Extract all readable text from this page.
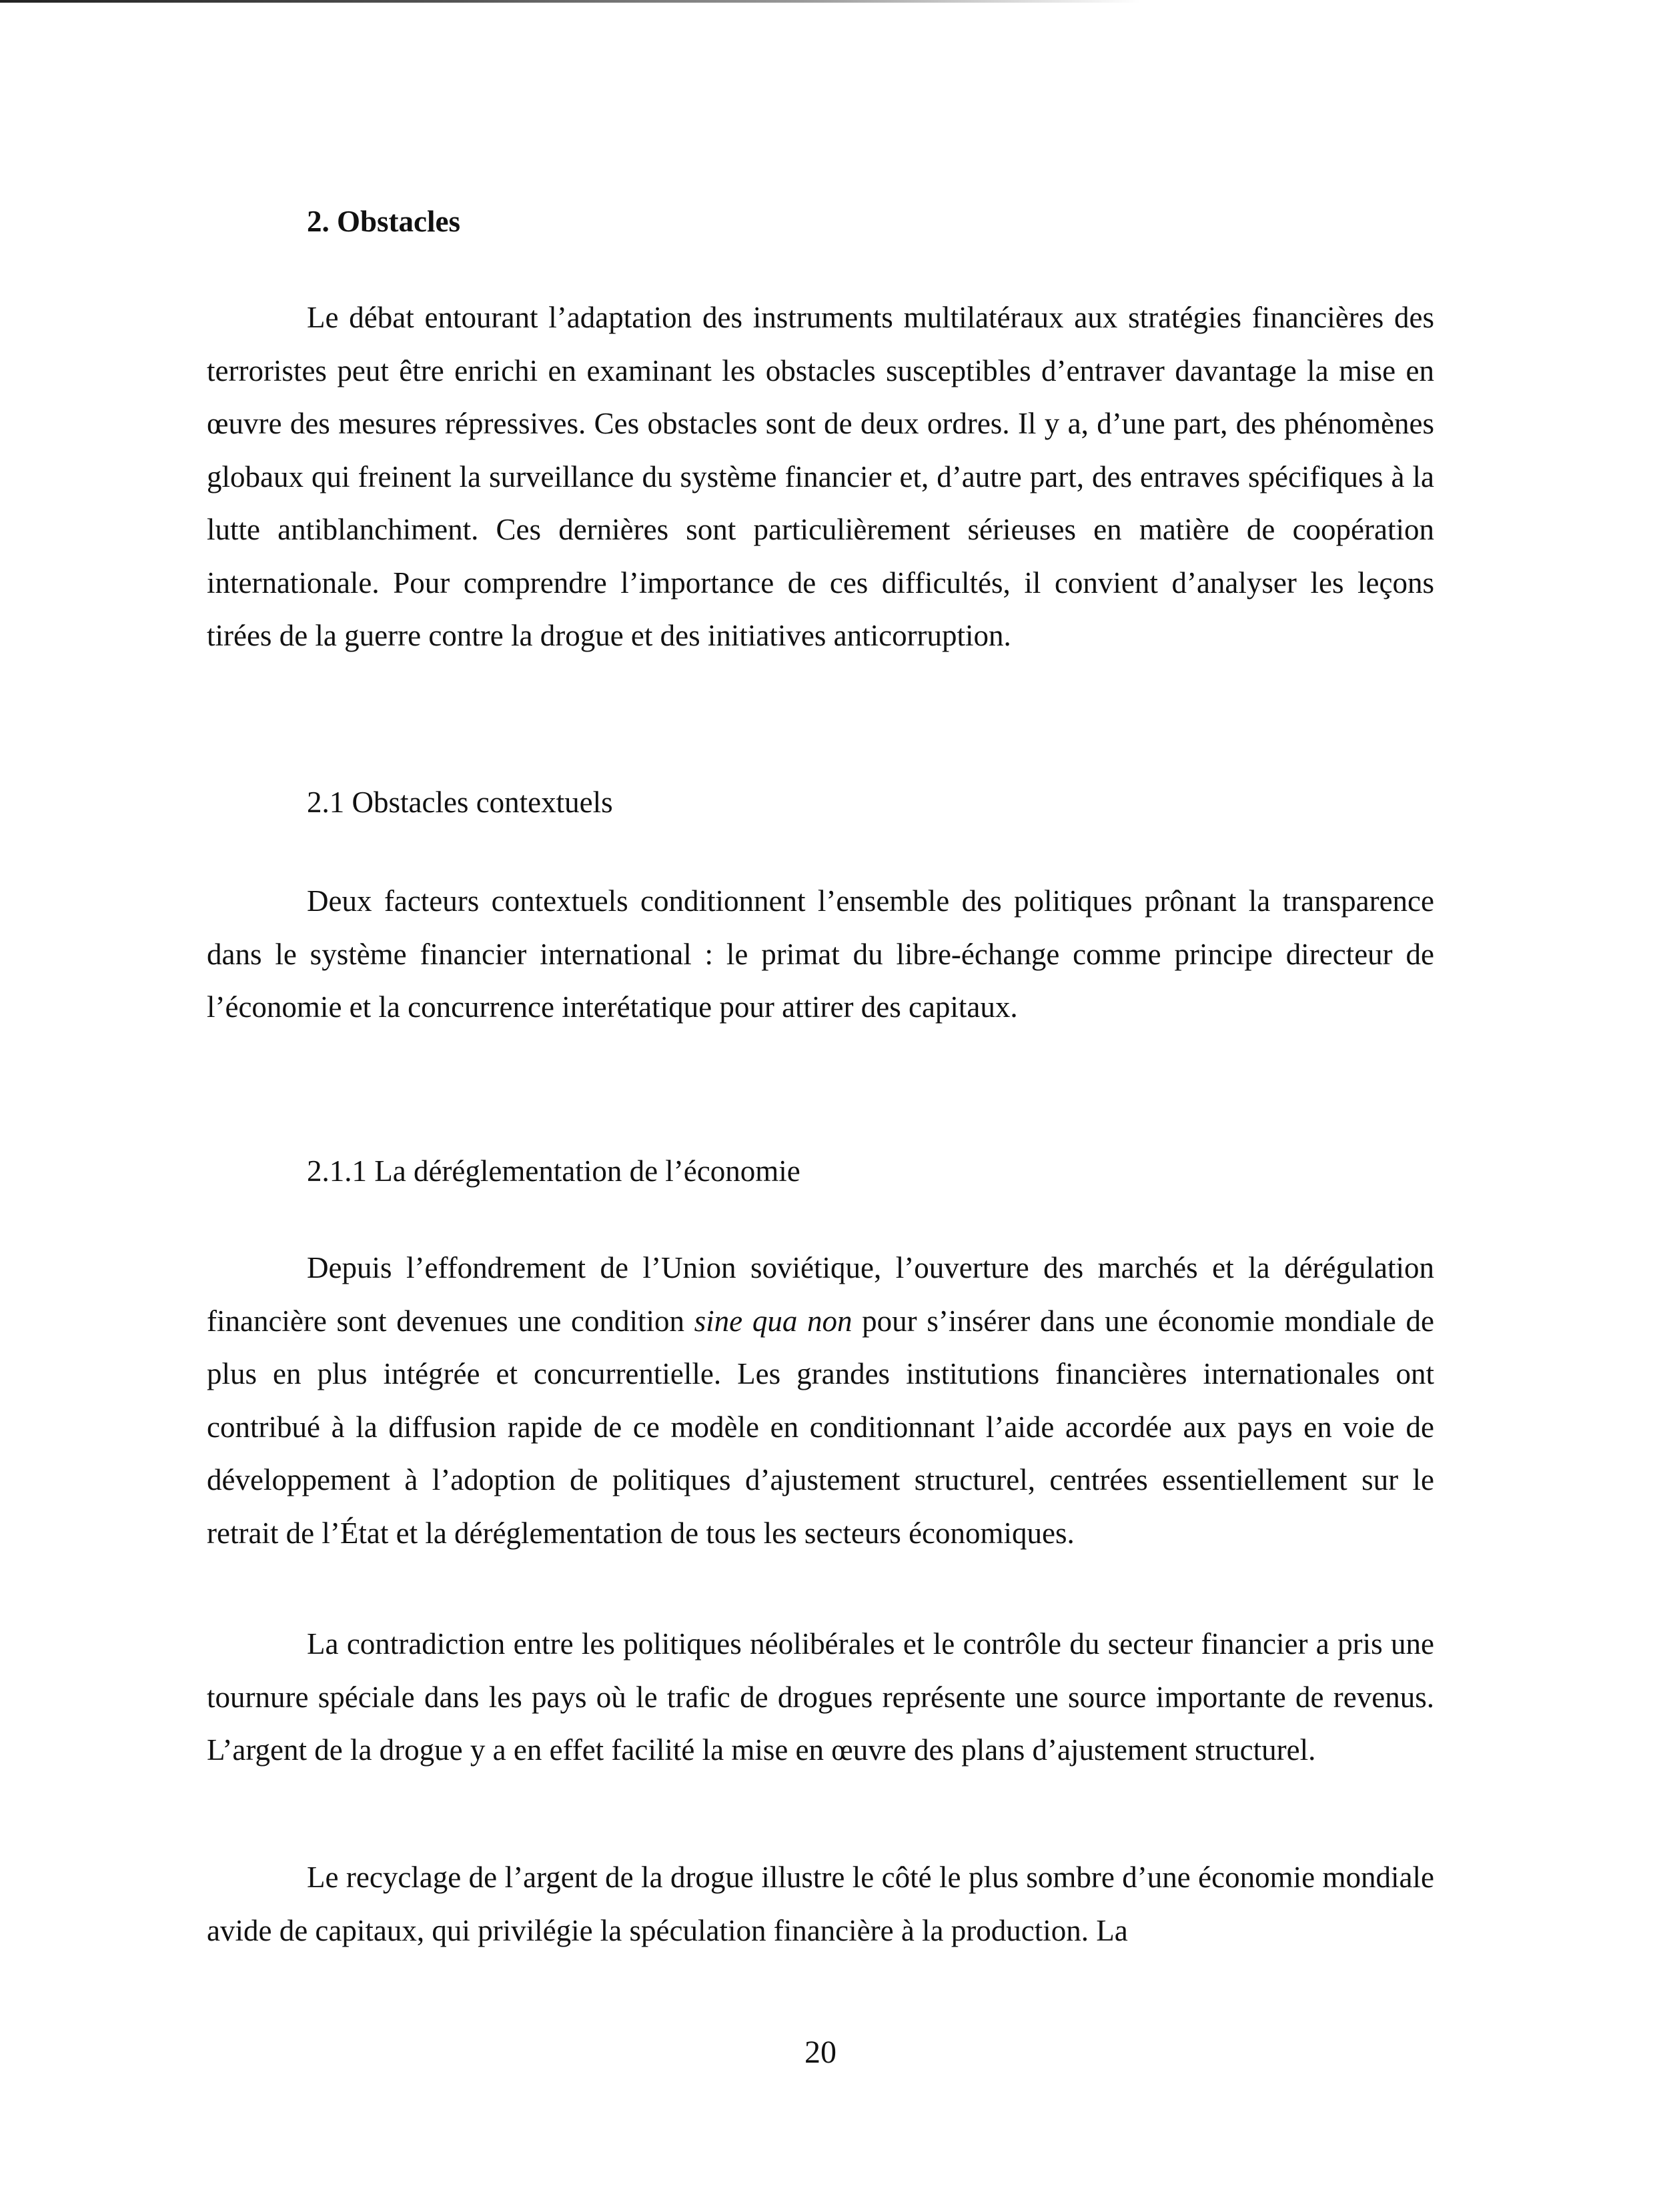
2. Obstacles

Le débat entourant l’adaptation des instruments multilatéraux aux stratégies financières des terroristes peut être enrichi en examinant les obstacles susceptibles d’entraver davantage la mise en œuvre des mesures répressives. Ces obstacles sont de deux ordres. Il y a, d’une part, des phénomènes globaux qui freinent la surveillance du système financier et, d’autre part, des entraves spécifiques à la lutte antiblanchiment. Ces dernières sont particulièrement sérieuses en matière de coopération internationale. Pour comprendre l’importance de ces difficultés, il convient d’analyser les leçons tirées de la guerre contre la drogue et des initiatives anticorruption.

2.1 Obstacles contextuels

Deux facteurs contextuels conditionnent l’ensemble des politiques prônant la transparence dans le système financier international : le primat du libre-échange comme principe directeur de l’économie et la concurrence interétatique pour attirer des capitaux.

2.1.1 La déréglementation de l’économie

Depuis l’effondrement de l’Union soviétique, l’ouverture des marchés et la dérégulation financière sont devenues une condition sine qua non pour s’insérer dans une économie mondiale de plus en plus intégrée et concurrentielle. Les grandes institutions financières internationales ont contribué à la diffusion rapide de ce modèle en conditionnant l’aide accordée aux pays en voie de développement à l’adoption de politiques d’ajustement structurel, centrées essentiellement sur le retrait de l’État et la déréglementation de tous les secteurs économiques.

La contradiction entre les politiques néolibérales et le contrôle du secteur financier a pris une tournure spéciale dans les pays où le trafic de drogues représente une source importante de revenus. L’argent de la drogue y a en effet facilité la mise en œuvre des plans d’ajustement structurel.

Le recyclage de l’argent de la drogue illustre le côté le plus sombre d’une économie mondiale avide de capitaux, qui privilégie la spéculation financière à la production. La

20
